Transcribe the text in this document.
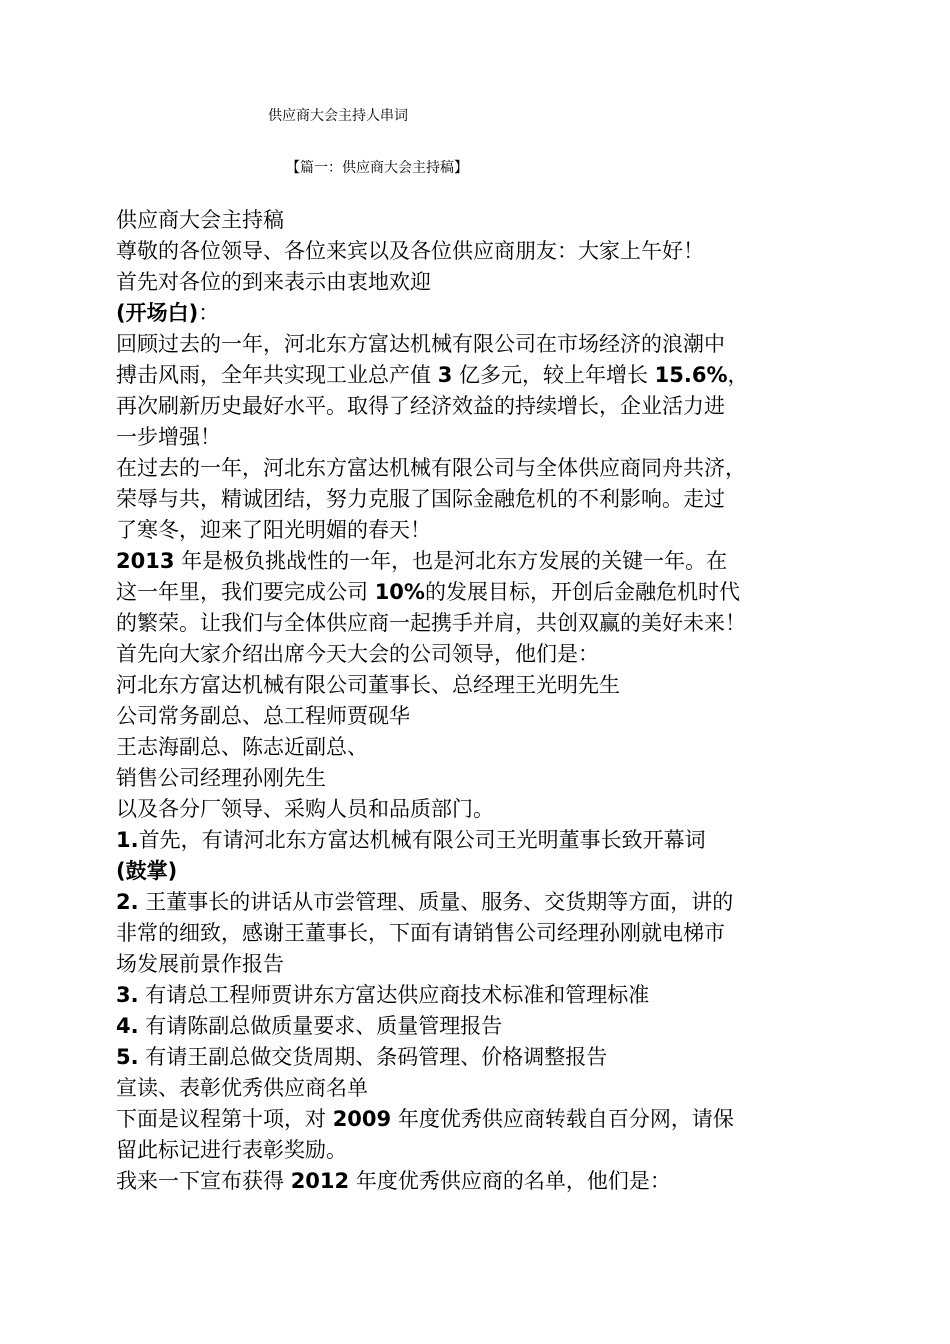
供应商大会主持人串词
【篇一：供应商大会主持稿】
供应商大会主持稿
尊敬的各位领导、各位来宾以及各位供应商朋友：大家上午好！
首先对各位的到来表示由衷地欢迎
(开场白)：
回顾过去的一年，河北东方富达机械有限公司在市场经济的浪潮中
搏击风雨，全年共实现工业总产值 3 亿多元，较上年增长 15.6%，
再次刷新历史最好水平。取得了经济效益的持续增长，企业活力进
一步增强！
在过去的一年，河北东方富达机械有限公司与全体供应商同舟共济，
荣辱与共，精诚团结，努力克服了国际金融危机的不利影响。走过
了寒冬，迎来了阳光明媚的春天！
2013 年是极负挑战性的一年，也是河北东方发展的关键一年。在
这一年里，我们要完成公司 10%的发展目标，开创后金融危机时代
的繁荣。让我们与全体供应商一起携手并肩，共创双赢的美好未来！
首先向大家介绍出席今天大会的公司领导，他们是：
河北东方富达机械有限公司董事长、总经理王光明先生
公司常务副总、总工程师贾砚华
王志海副总、陈志近副总、
销售公司经理孙刚先生
以及各分厂领导、采购人员和品质部门。
1.首先，有请河北东方富达机械有限公司王光明董事长致开幕词
(鼓掌)
2. 王董事长的讲话从市尝管理、质量、服务、交货期等方面，讲的
非常的细致，感谢王董事长，下面有请销售公司经理孙刚就电梯市
场发展前景作报告
3. 有请总工程师贾讲东方富达供应商技术标准和管理标准
4. 有请陈副总做质量要求、质量管理报告
5. 有请王副总做交货周期、条码管理、价格调整报告
宣读、表彰优秀供应商名单
下面是议程第十项，对 2009 年度优秀供应商转载自百分网，请保
留此标记进行表彰奖励。
我来一下宣布获得 2012 年度优秀供应商的名单，他们是：
